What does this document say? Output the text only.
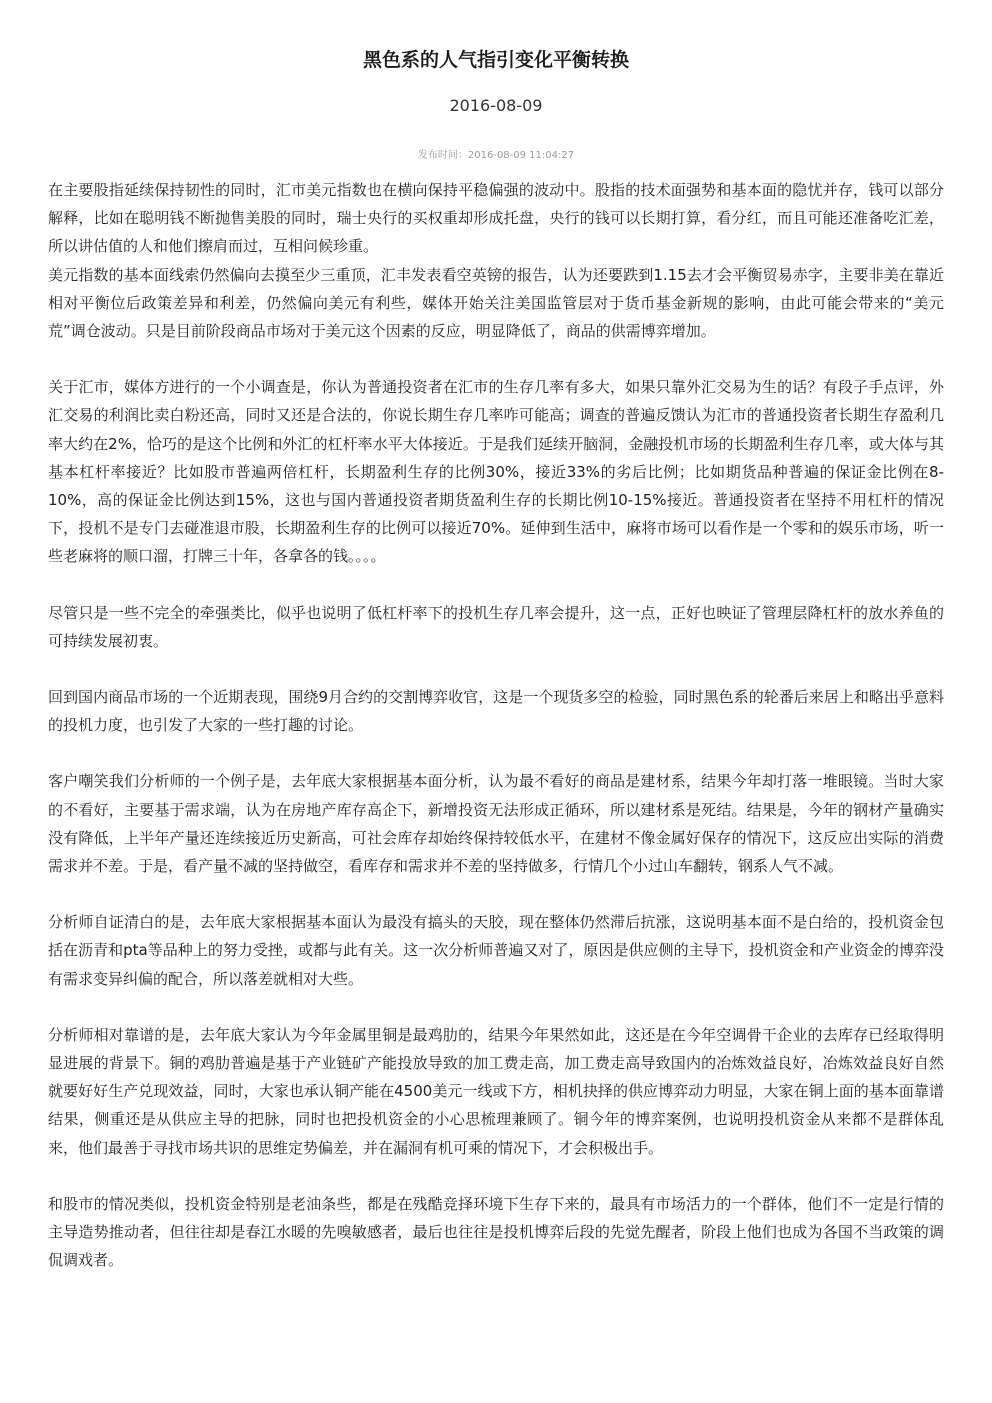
黑色系的人气指引变化平衡转换
2016-08-09
发布时间：2016-08-09 11:04:27

在主要股指延续保持韧性的同时，汇市美元指数也在横向保持平稳偏强的波动中。股指的技术面强势和基本面的隐忧并存，钱可以部分解释，比如在聪明钱不断抛售美股的同时，瑞士央行的买权重却形成托盘，央行的钱可以长期打算，看分红，而且可能还准备吃汇差，所以讲估值的人和他们擦肩而过，互相问候珍重。

美元指数的基本面线索仍然偏向去摸至少三重顶，汇丰发表看空英镑的报告，认为还要跌到1.15去才会平衡贸易赤字，主要非美在靠近相对平衡位后政策差异和利差，仍然偏向美元有利些，媒体开始关注美国监管层对于货币基金新规的影响，由此可能会带来的“美元荒”调仓波动。只是目前阶段商品市场对于美元这个因素的反应，明显降低了，商品的供需博弈增加。

关于汇市，媒体方进行的一个小调查是，你认为普通投资者在汇市的生存几率有多大，如果只靠外汇交易为生的话？有段子手点评，外汇交易的利润比卖白粉还高，同时又还是合法的，你说长期生存几率咋可能高；调查的普遍反馈认为汇市的普通投资者长期生存盈利几率大约在2%，恰巧的是这个比例和外汇的杠杆率水平大体接近。于是我们延续开脑洞，金融投机市场的长期盈利生存几率，或大体与其基本杠杆率接近？比如股市普遍两倍杠杆，长期盈利生存的比例30%，接近33%的劣后比例；比如期货品种普遍的保证金比例在8-10%，高的保证金比例达到15%，这也与国内普通投资者期货盈利生存的长期比例10-15%接近。普通投资者在坚持不用杠杆的情况下，投机不是专门去碰准退市股，长期盈利生存的比例可以接近70%。延伸到生活中，麻将市场可以看作是一个零和的娱乐市场，听一些老麻将的顺口溜，打牌三十年，各拿各的钱。。。。

尽管只是一些不完全的牵强类比，似乎也说明了低杠杆率下的投机生存几率会提升，这一点，正好也映证了管理层降杠杆的放水养鱼的可持续发展初衷。

回到国内商品市场的一个近期表现，围绕9月合约的交割博弈收官，这是一个现货多空的检验，同时黑色系的轮番后来居上和略出乎意料的投机力度，也引发了大家的一些打趣的讨论。

客户嘲笑我们分析师的一个例子是，去年底大家根据基本面分析，认为最不看好的商品是建材系，结果今年却打落一堆眼镜。当时大家的不看好，主要基于需求端，认为在房地产库存高企下，新增投资无法形成正循环，所以建材系是死结。结果是，今年的钢材产量确实没有降低，上半年产量还连续接近历史新高，可社会库存却始终保持较低水平，在建材不像金属好保存的情况下，这反应出实际的消费需求并不差。于是，看产量不减的坚持做空，看库存和需求并不差的坚持做多，行情几个小过山车翻转，钢系人气不减。

分析师自证清白的是，去年底大家根据基本面认为最没有搞头的天胶，现在整体仍然滞后抗涨，这说明基本面不是白给的，投机资金包括在沥青和pta等品种上的努力受挫，或都与此有关。这一次分析师普遍又对了，原因是供应侧的主导下，投机资金和产业资金的博弈没有需求变异纠偏的配合，所以落差就相对大些。

分析师相对靠谱的是，去年底大家认为今年金属里铜是最鸡肋的，结果今年果然如此，这还是在今年空调骨干企业的去库存已经取得明显进展的背景下。铜的鸡肋普遍是基于产业链矿产能投放导致的加工费走高，加工费走高导致国内的冶炼效益良好，冶炼效益良好自然就要好好生产兑现效益，同时，大家也承认铜产能在4500美元一线或下方，相机抉择的供应博弈动力明显，大家在铜上面的基本面靠谱结果，侧重还是从供应主导的把脉，同时也把投机资金的小心思梳理兼顾了。铜今年的博弈案例，也说明投机资金从来都不是群体乱来，他们最善于寻找市场共识的思维定势偏差，并在漏洞有机可乘的情况下，才会积极出手。

和股市的情况类似，投机资金特别是老油条些，都是在残酷竞择环境下生存下来的，最具有市场活力的一个群体，他们不一定是行情的主导造势推动者，但往往却是春江水暖的先嗅敏感者，最后也往往是投机博弈后段的先觉先醒者，阶段上他们也成为各国不当政策的调侃调戏者。
